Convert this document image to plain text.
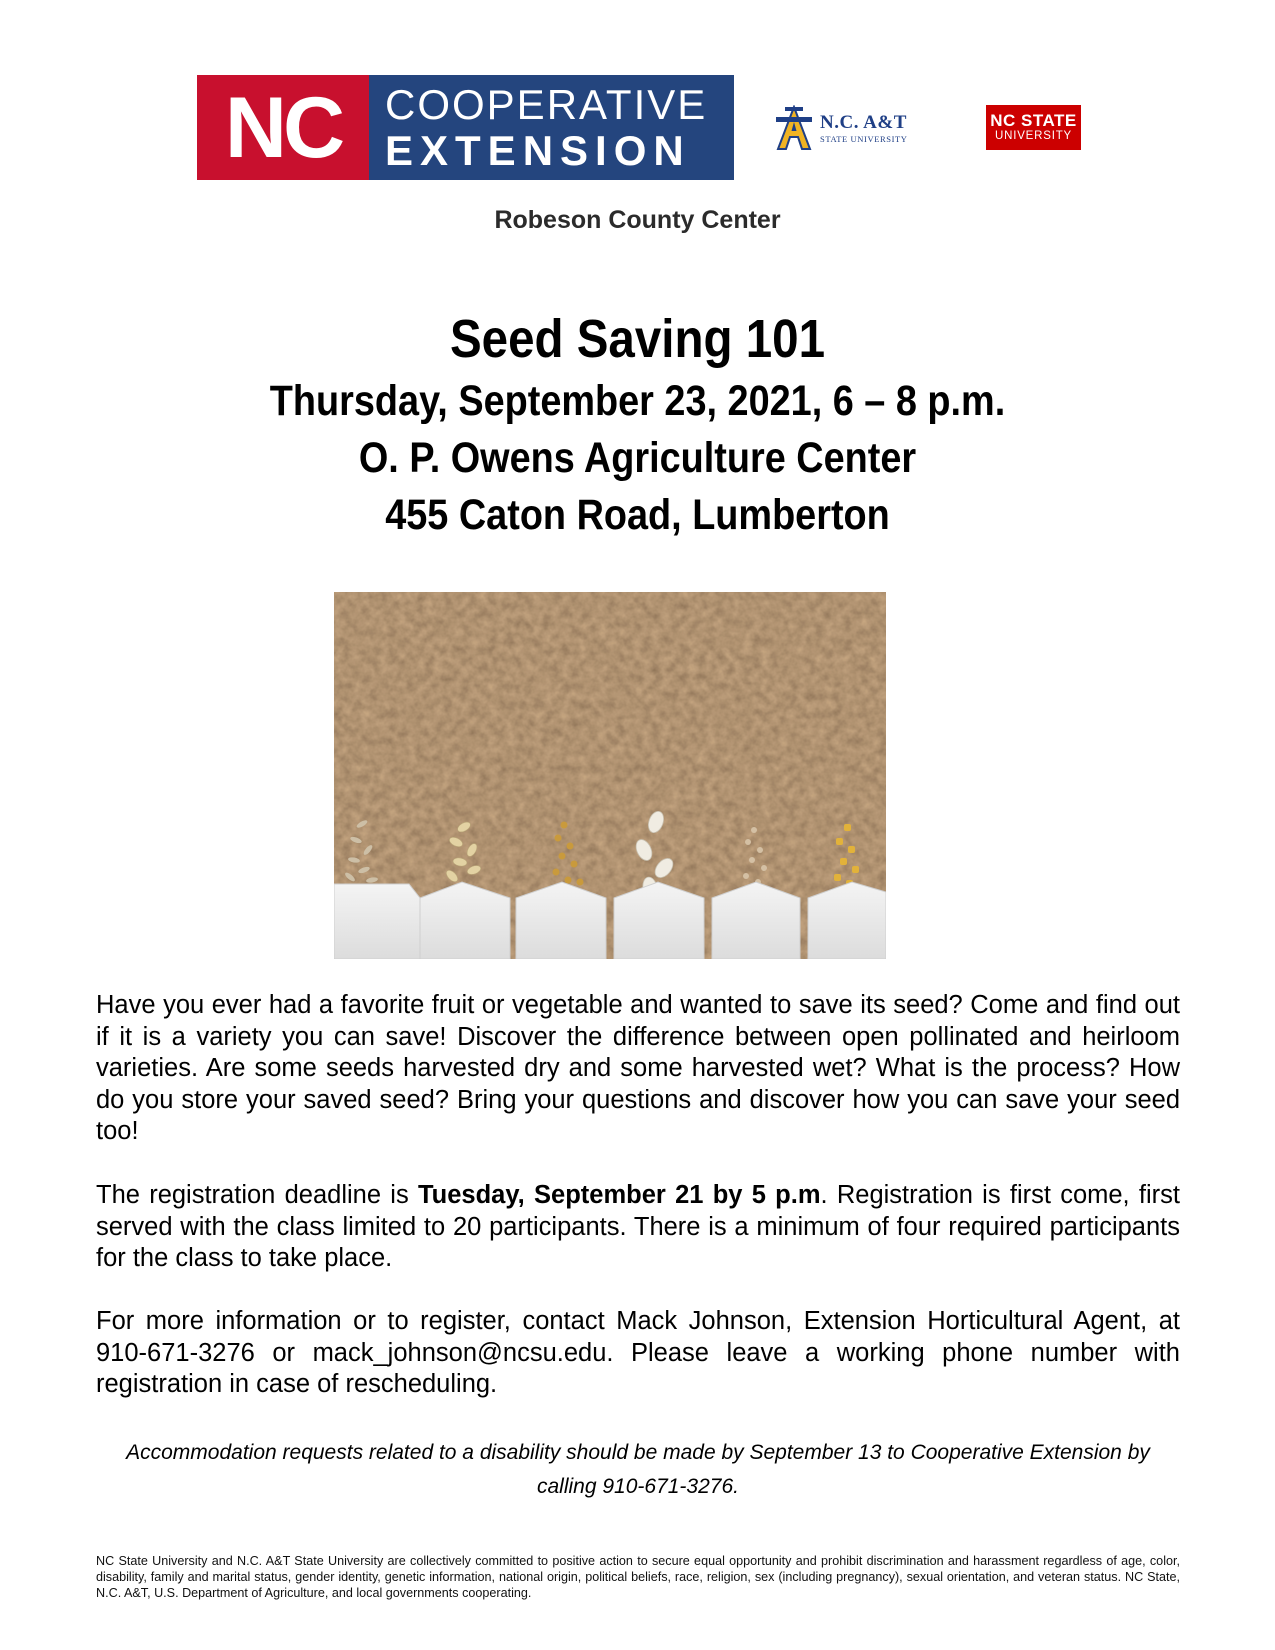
NC	COOPERATIVE
EXTENSION
N.C. A&T
STATE UNIVERSITY
NC STATE
UNIVERSITY
Robeson County Center
Seed Saving 101
Thursday, September 23, 2021, 6 – 8 p.m.
O. P. Owens Agriculture Center
455 Caton Road, Lumberton
Have you ever had a favorite fruit or vegetable and wanted to save its seed? Come and find out if it is a variety you can save! Discover the difference between open pollinated and heirloom varieties. Are some seeds harvested dry and some harvested wet? What is the process? How do you store your saved seed? Bring your questions and discover how you can save your seed too!
The registration deadline is Tuesday, September 21 by 5 p.m. Registration is first come, first served with the class limited to 20 participants. There is a minimum of four required participants for the class to take place.
For more information or to register, contact Mack Johnson, Extension Horticultural Agent, at 910-671-3276 or mack_johnson@ncsu.edu. Please leave a working phone number with registration in case of rescheduling.
Accommodation requests related to a disability should be made by September 13 to Cooperative Extension by calling 910-671-3276.
NC State University and N.C. A&T State University are collectively committed to positive action to secure equal opportunity and prohibit discrimination and harassment regardless of age, color, disability, family and marital status, gender identity, genetic information, national origin, political beliefs, race, religion, sex (including pregnancy), sexual orientation, and veteran status. NC State, N.C. A&T, U.S. Department of Agriculture, and local governments cooperating.
